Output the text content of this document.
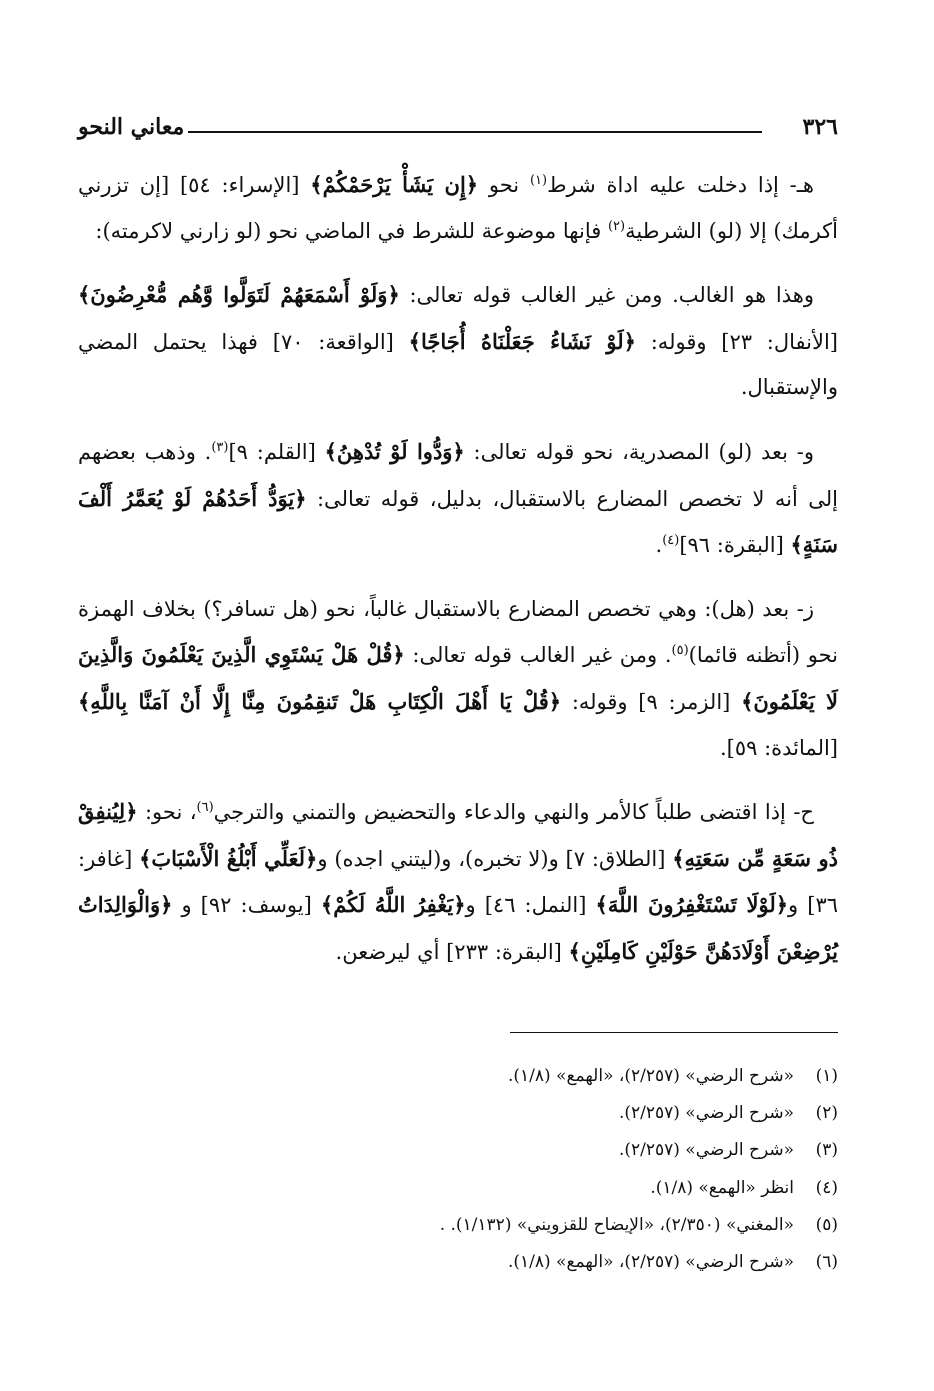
٣٢٦
معاني النحو

هـ- إذا دخلت عليه اداة شرط$^{(١)}$ نحو ﴿إِن يَشَأْ يَرْحَمْكُمْ﴾ [الإسراء: ٥٤] [إن تزرني أكرمك) إلا (لو) الشرطية$^{(٢)}$ فإنها موضوعة للشرط في الماضي نحو (لو زارني لاكرمته):

وهذا هو الغالب. ومن غير الغالب قوله تعالى: ﴿وَلَوْ أَسْمَعَهُمْ لَتَوَلَّوا وَّهُم مُّعْرِضُونَ﴾ [الأنفال: ٢٣] وقوله: ﴿لَوْ نَشَاءُ جَعَلْنَاهُ أُجَاجًا﴾ [الواقعة: ٧٠] فهذا يحتمل المضي والإستقبال.

و- بعد (لو) المصدرية، نحو قوله تعالى: ﴿وَدُّوا لَوْ تُدْهِنُ﴾ [القلم: ٩]$^{(٣)}$. وذهب بعضهم إلى أنه لا تخصص المضارع بالاستقبال، بدليل، قوله تعالى: ﴿يَوَدُّ أَحَدُهُمْ لَوْ يُعَمَّرُ أَلْفَ سَنَةٍ﴾ [البقرة: ٩٦]$^{(٤)}$.

ز- بعد (هل): وهي تخصص المضارع بالاستقبال غالباً، نحو (هل تسافر؟) بخلاف الهمزة نحو (أتظنه قائما)$^{(٥)}$. ومن غير الغالب قوله تعالى: ﴿قُلْ هَلْ يَسْتَوِي الَّذِينَ يَعْلَمُونَ وَالَّذِينَ لَا يَعْلَمُونَ﴾ [الزمر: ٩] وقوله: ﴿قُلْ يَا أَهْلَ الْكِتَابِ هَلْ تَنقِمُونَ مِنَّا إِلَّا أَنْ آمَنَّا بِاللَّهِ﴾ [المائدة: ٥٩].

ح- إذا اقتضى طلباً كالأمر والنهي والدعاء والتحضيض والتمني والترجي$^{(٦)}$، نحو: ﴿لِيُنفِقْ ذُو سَعَةٍ مِّن سَعَتِهِ﴾ [الطلاق: ٧] و(لا تخبره)، و(ليتني اجده) و﴿لَعَلِّي أَبْلُغُ الْأَسْبَابَ﴾ [غافر: ٣٦] و﴿لَوْلَا تَسْتَغْفِرُونَ اللَّهَ﴾ [النمل: ٤٦] و﴿يَغْفِرُ اللَّهُ لَكُمْ﴾ [يوسف: ٩٢] و ﴿وَالْوَالِدَاتُ يُرْضِعْنَ أَوْلَادَهُنَّ حَوْلَيْنِ كَامِلَيْنِ﴾ [البقرة: ٢٣٣] أي ليرضعن.

(١)«شرح الرضي» (٢/٢٥٧)، «الهمع» (١/٨).
(٢)«شرح الرضي» (٢/٢٥٧).
(٣)«شرح الرضي» (٢/٢٥٧).
(٤)انظر «الهمع» (١/٨).
(٥)«المغني» (٢/٣٥٠)، «الإيضاح للقزويني» (١/١٣٢). .
(٦)«شرح الرضي» (٢/٢٥٧)، «الهمع» (١/٨).
